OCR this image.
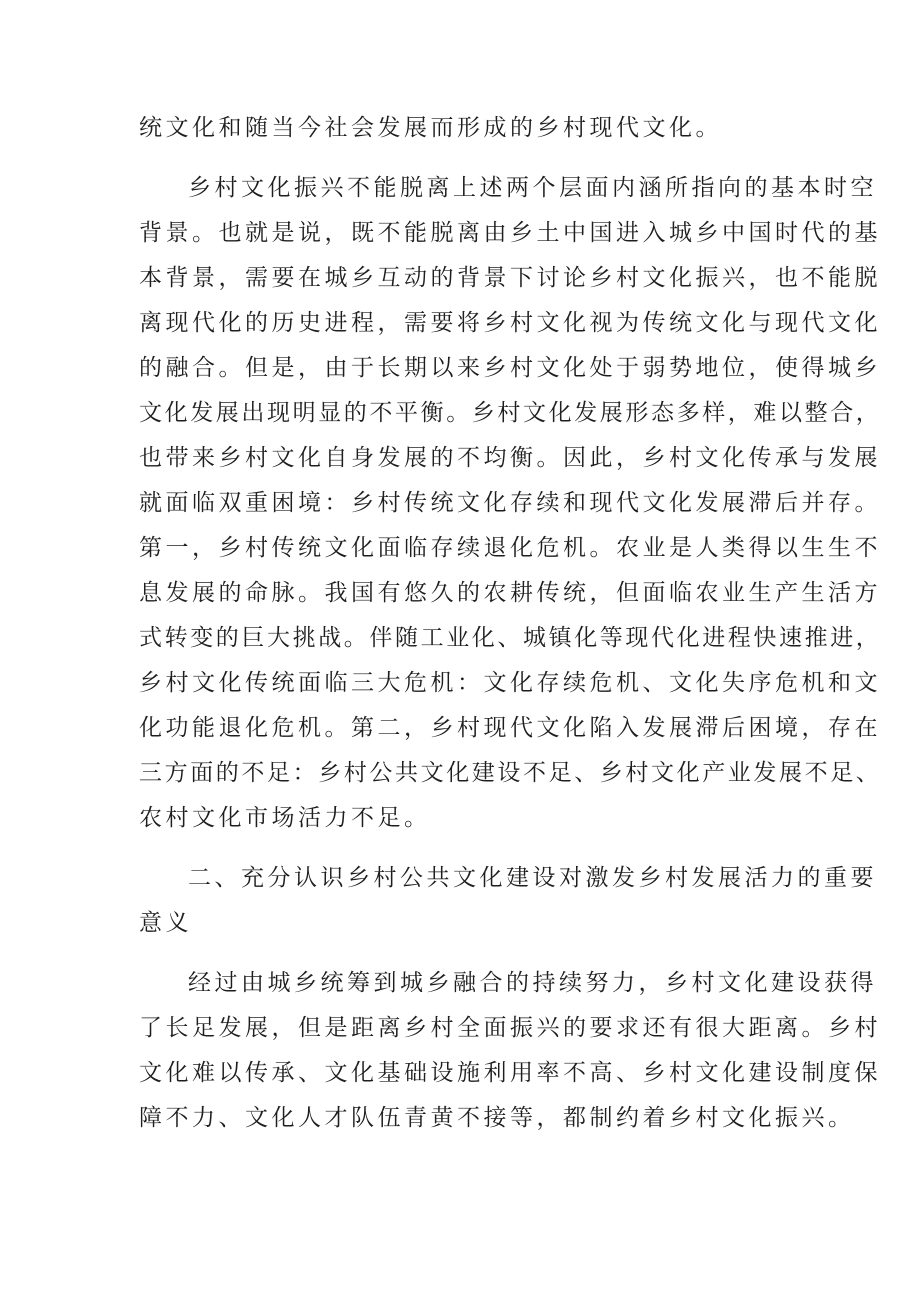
统文化和随当今社会发展而形成的乡村现代文化。

乡村文化振兴不能脱离上述两个层面内涵所指向的基本时空

背景。也就是说，既不能脱离由乡土中国进入城乡中国时代的基

本背景，需要在城乡互动的背景下讨论乡村文化振兴，也不能脱

离现代化的历史进程，需要将乡村文化视为传统文化与现代文化

的融合。但是，由于长期以来乡村文化处于弱势地位，使得城乡

文化发展出现明显的不平衡。乡村文化发展形态多样，难以整合，

也带来乡村文化自身发展的不均衡。因此，乡村文化传承与发展

就面临双重困境：乡村传统文化存续和现代文化发展滞后并存。

第一，乡村传统文化面临存续退化危机。农业是人类得以生生不

息发展的命脉。我国有悠久的农耕传统，但面临农业生产生活方

式转变的巨大挑战。伴随工业化、城镇化等现代化进程快速推进，

乡村文化传统面临三大危机：文化存续危机、文化失序危机和文

化功能退化危机。第二，乡村现代文化陷入发展滞后困境，存在

三方面的不足：乡村公共文化建设不足、乡村文化产业发展不足、

农村文化市场活力不足。

二、充分认识乡村公共文化建设对激发乡村发展活力的重要

意义

经过由城乡统筹到城乡融合的持续努力，乡村文化建设获得

了长足发展，但是距离乡村全面振兴的要求还有很大距离。乡村

文化难以传承、文化基础设施利用率不高、乡村文化建设制度保

障不力、文化人才队伍青黄不接等，都制约着乡村文化振兴。
